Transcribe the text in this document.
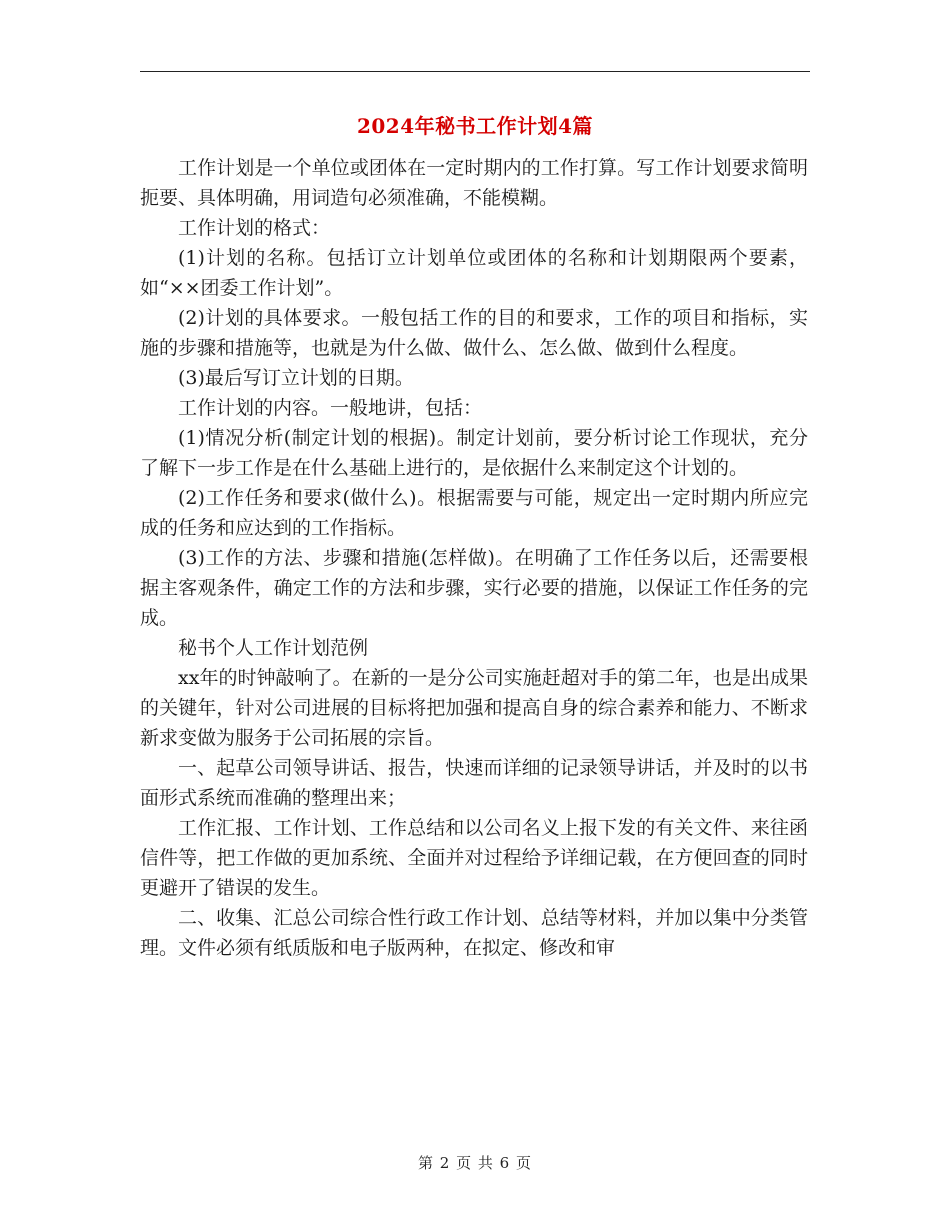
2024年秘书工作计划4篇

工作计划是一个单位或团体在一定时期内的工作打算。写工作计划要求简明扼要、具体明确，用词造句必须准确，不能模糊。

工作计划的格式：

(1)计划的名称。包括订立计划单位或团体的名称和计划期限两个要素，如“××团委工作计划”。

(2)计划的具体要求。一般包括工作的目的和要求，工作的项目和指标，实施的步骤和措施等，也就是为什么做、做什么、怎么做、做到什么程度。

(3)最后写订立计划的日期。

工作计划的内容。一般地讲，包括：

(1)情况分析(制定计划的根据)。制定计划前，要分析讨论工作现状，充分了解下一步工作是在什么基础上进行的，是依据什么来制定这个计划的。

(2)工作任务和要求(做什么)。根据需要与可能，规定出一定时期内所应完成的任务和应达到的工作指标。

(3)工作的方法、步骤和措施(怎样做)。在明确了工作任务以后，还需要根据主客观条件，确定工作的方法和步骤，实行必要的措施，以保证工作任务的完成。

秘书个人工作计划范例

xx年的时钟敲响了。在新的一是分公司实施赶超对手的第二年，也是出成果的关键年，针对公司进展的目标将把加强和提高自身的综合素养和能力、不断求新求变做为服务于公司拓展的宗旨。

一、起草公司领导讲话、报告，快速而详细的记录领导讲话，并及时的以书面形式系统而准确的整理出来；

工作汇报、工作计划、工作总结和以公司名义上报下发的有关文件、来往函信件等，把工作做的更加系统、全面并对过程给予详细记载，在方便回查的同时更避开了错误的发生。

二、收集、汇总公司综合性行政工作计划、总结等材料，并加以集中分类管理。文件必须有纸质版和电子版两种，在拟定、修改和审

第 2 页 共 6 页
